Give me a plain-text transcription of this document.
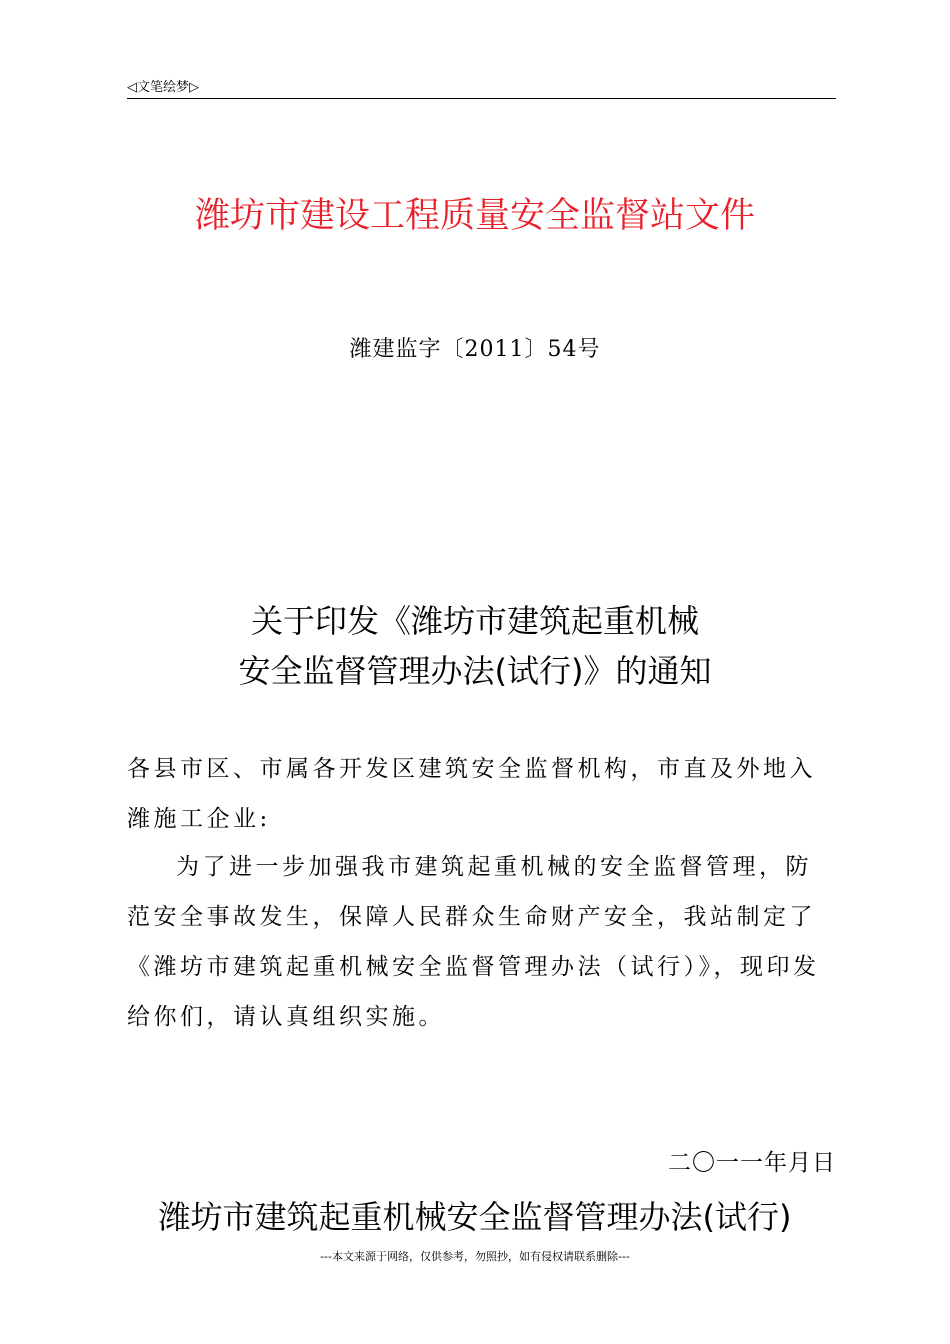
◁文笔绘梦▷
潍坊市建设工程质量安全监督站文件
潍建监字〔2011〕54号
关于印发《潍坊市建筑起重机械
安全监督管理办法(试行)》的通知
各县市区、市属各开发区建筑安全监督机构，市直及外地入潍施工企业:
为了进一步加强我市建筑起重机械的安全监督管理，防范安全事故发生，保障人民群众生命财产安全，我站制定了《潍坊市建筑起重机械安全监督管理办法（试行）》，现印发给你们，请认真组织实施。
二〇一一年月日
潍坊市建筑起重机械安全监督管理办法(试行)
---本文来源于网络，仅供参考，勿照抄，如有侵权请联系删除---
